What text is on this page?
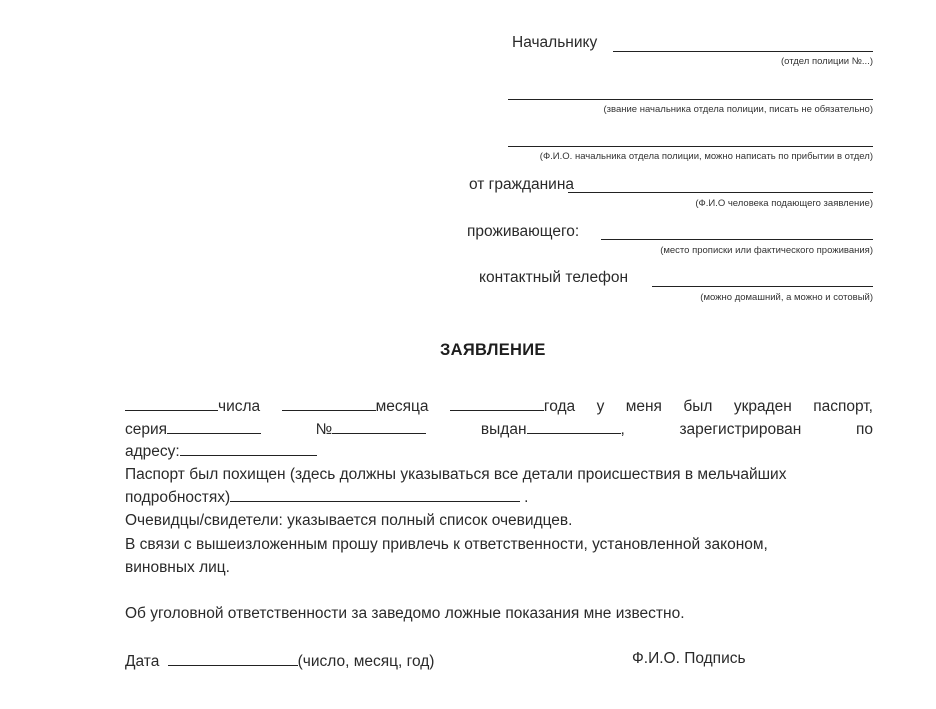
Начальнику
(отдел полиции №...)
(звание начальника отдела полиции, писать не обязательно)
(Ф.И.О. начальника отдела полиции, можно написать по прибытии в отдел)
от гражданина
(Ф.И.О человека подающего заявление)
проживающего:
(место прописки или фактического проживания)
контактный телефон
(можно домашний, а можно и сотовый)
ЗАЯВЛЕНИЕ
числа	месяца	года у меня был украден паспорт,
серия	№	выдан	,	зарегистрирован	по
адресу:
Паспорт был похищен (здесь должны указываться все детали происшествия в мельчайших
подробностях)	.
Очевидцы/свидетели: указывается полный список очевидцев.
В связи с вышеизложенным прошу привлечь к ответственности, установленной законом,
виновных лиц.
Об уголовной ответственности за заведомо ложные показания мне известно.
Дата	(число, месяц, год)	Ф.И.О. Подпись
